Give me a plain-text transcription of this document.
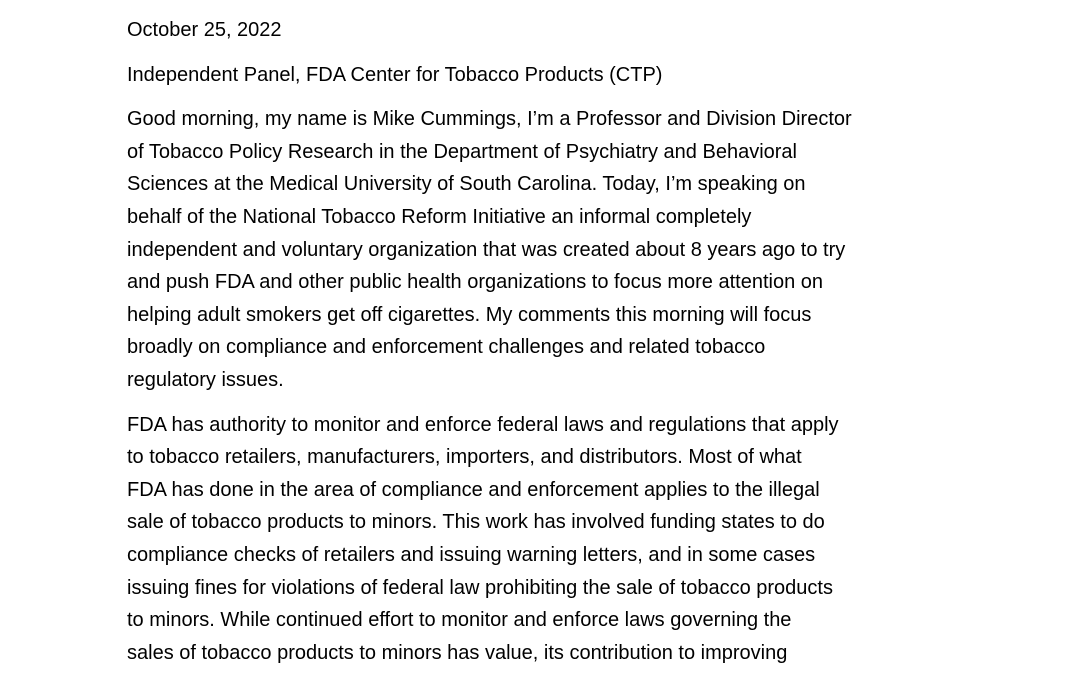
October 25, 2022
Independent Panel, FDA Center for Tobacco Products (CTP)
Good morning, my name is Mike Cummings, I’m a Professor and Division Director
of Tobacco Policy Research in the Department of Psychiatry and Behavioral
Sciences at the Medical University of South Carolina. Today, I’m speaking on
behalf of the National Tobacco Reform Initiative an informal completely
independent and voluntary organization that was created about 8 years ago to try
and push FDA and other public health organizations to focus more attention on
helping adult smokers get off cigarettes. My comments this morning will focus
broadly on compliance and enforcement challenges and related tobacco
regulatory issues.
FDA has authority to monitor and enforce federal laws and regulations that apply
to tobacco retailers, manufacturers, importers, and distributors. Most of what
FDA has done in the area of compliance and enforcement applies to the illegal
sale of tobacco products to minors. This work has involved funding states to do
compliance checks of retailers and issuing warning letters, and in some cases
issuing fines for violations of federal law prohibiting the sale of tobacco products
to minors. While continued effort to monitor and enforce laws governing the
sales of tobacco products to minors has value, its contribution to improving
